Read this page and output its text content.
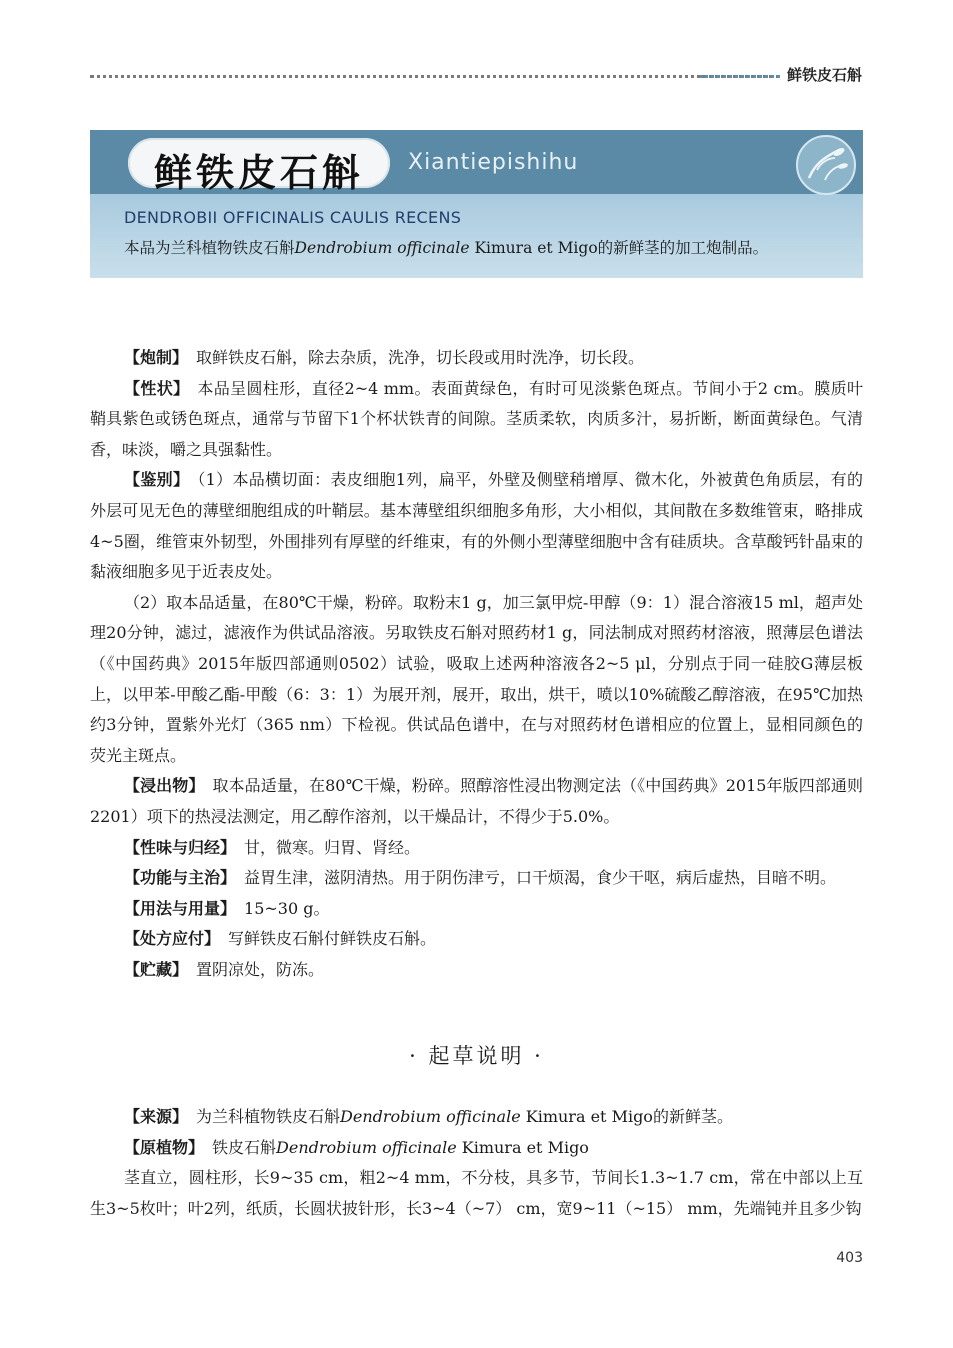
鲜铁皮石斛
鲜铁皮石斛	Xiantiepishihu
DENDROBII OFFICINALIS CAULIS RECENS
本品为兰科植物铁皮石斛Dendrobium officinale Kimura et Migo的新鲜茎的加工炮制品。

【炮制】 取鲜铁皮石斛，除去杂质，洗净，切长段或用时洗净，切长段。

【性状】 本品呈圆柱形，直径2~4 mm。表面黄绿色，有时可见淡紫色斑点。节间小于2 cm。膜质叶鞘具紫色或锈色斑点，通常与节留下1个杯状铁青的间隙。茎质柔软，肉质多汁，易折断，断面黄绿色。气清香，味淡，嚼之具强黏性。

【鉴别】 （1）本品横切面：表皮细胞1列，扁平，外壁及侧壁稍增厚、微木化，外被黄色角质层，有的外层可见无色的薄壁细胞组成的叶鞘层。基本薄壁组织细胞多角形，大小相似，其间散在多数维管束，略排成4~5圈，维管束外韧型，外围排列有厚壁的纤维束，有的外侧小型薄壁细胞中含有硅质块。含草酸钙针晶束的黏液细胞多见于近表皮处。

（2）取本品适量，在80℃干燥，粉碎。取粉末1 g，加三氯甲烷-甲醇（9：1）混合溶液15 ml，超声处理20分钟，滤过，滤液作为供试品溶液。另取铁皮石斛对照药材1 g，同法制成对照药材溶液，照薄层色谱法（《中国药典》2015年版四部通则0502）试验，吸取上述两种溶液各2~5 μl，分别点于同一硅胶G薄层板上，以甲苯-甲酸乙酯-甲酸（6：3：1）为展开剂，展开，取出，烘干，喷以10%硫酸乙醇溶液，在95℃加热约3分钟，置紫外光灯（365 nm）下检视。供试品色谱中，在与对照药材色谱相应的位置上，显相同颜色的荧光主斑点。

【浸出物】 取本品适量，在80℃干燥，粉碎。照醇溶性浸出物测定法（《中国药典》2015年版四部通则2201）项下的热浸法测定，用乙醇作溶剂，以干燥品计，不得少于5.0%。

【性味与归经】 甘，微寒。归胃、肾经。

【功能与主治】 益胃生津，滋阴清热。用于阴伤津亏，口干烦渴，食少干呕，病后虚热，目暗不明。

【用法与用量】 15~30 g。

【处方应付】 写鲜铁皮石斛付鲜铁皮石斛。

【贮藏】 置阴凉处，防冻。

· 起草说明 ·

【来源】 为兰科植物铁皮石斛Dendrobium officinale Kimura et Migo的新鲜茎。

【原植物】 铁皮石斛Dendrobium officinale Kimura et Migo

茎直立，圆柱形，长9~35 cm，粗2~4 mm，不分枝，具多节，节间长1.3~1.7 cm，常在中部以上互生3~5枚叶；叶2列，纸质，长圆状披针形，长3~4（~7） cm，宽9~11（~15） mm，先端钝并且多少钩

403
